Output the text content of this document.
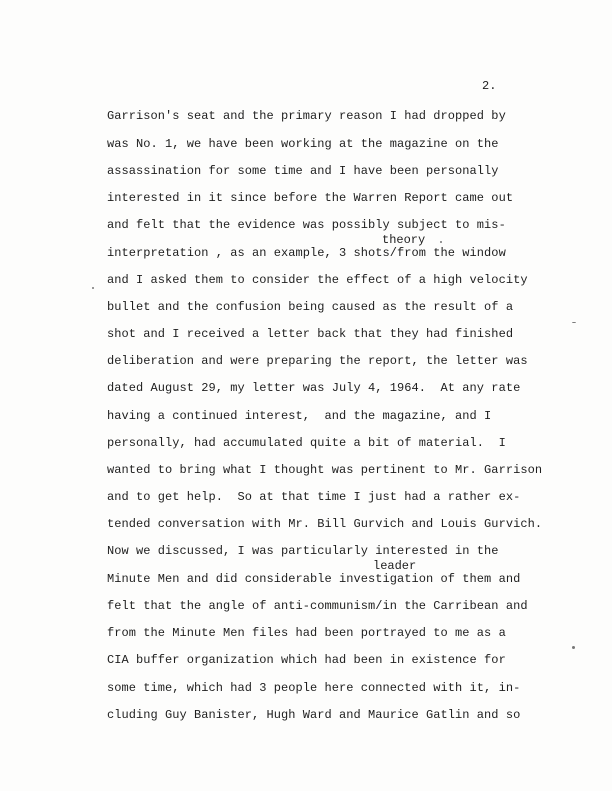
2.
theory
leader
Garrison's seat and the primary reason I had dropped by
was No. 1, we have been working at the magazine on the
assassination for some time and I have been personally
interested in it since before the Warren Report came out
and felt that the evidence was possibly subject to mis-
interpretation , as an example, 3 shots/from the window
and I asked them to consider the effect of a high velocity
bullet and the confusion being caused as the result of a
shot and I received a letter back that they had finished
deliberation and were preparing the report, the letter was
dated August 29, my letter was July 4, 1964.  At any rate
having a continued interest,  and the magazine, and I
personally, had accumulated quite a bit of material.  I
wanted to bring what I thought was pertinent to Mr. Garrison
and to get help.  So at that time I just had a rather ex-
tended conversation with Mr. Bill Gurvich and Louis Gurvich.
Now we discussed, I was particularly interested in the
Minute Men and did considerable investigation of them and
felt that the angle of anti-communism/in the Carribean and
from the Minute Men files had been portrayed to me as a
CIA buffer organization which had been in existence for
some time, which had 3 people here connected with it, in-
cluding Guy Banister, Hugh Ward and Maurice Gatlin and so
